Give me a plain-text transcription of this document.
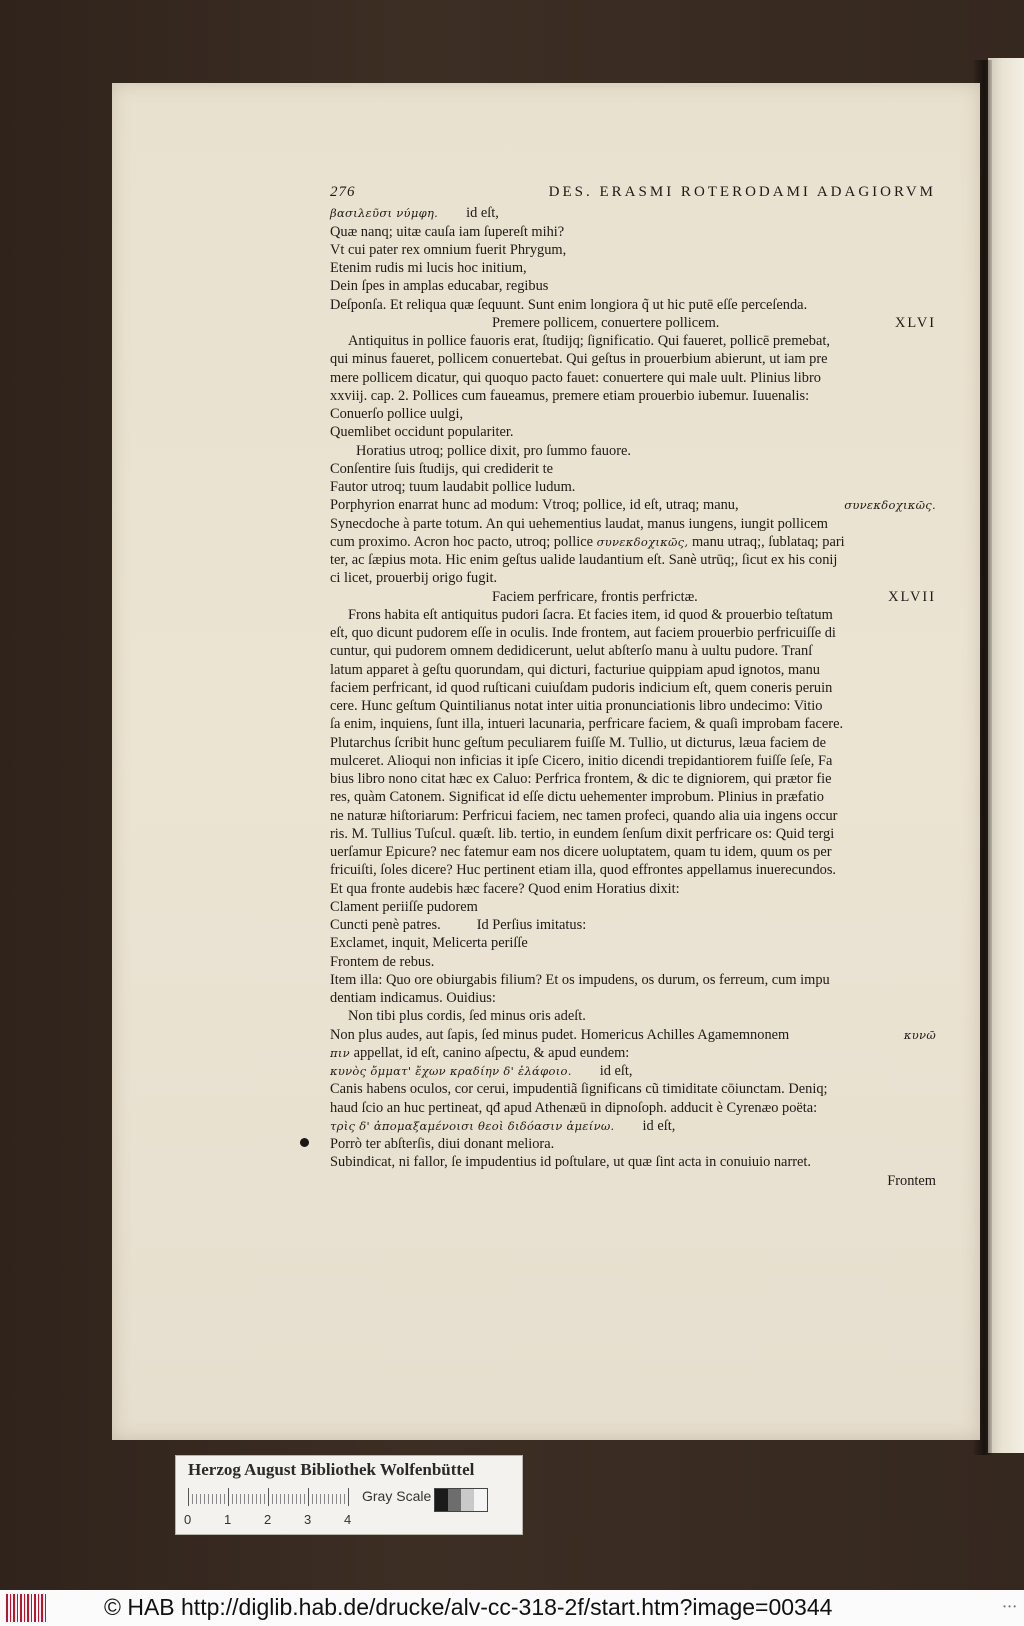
276	DES. ERASMI ROTERODAMI ADAGIORVM
βασιλεῦσι νύμφη. id eſt,
Quæ nanq; uitæ cauſa iam ſupereſt mihi?
Vt cui pater rex omnium fuerit Phrygum,
Etenim rudis mi lucis hoc initium,
Dein ſpes in amplas educabar, regibus
Deſponſa. Et reliqua quæ ſequunt. Sunt enim longiora q̃ ut hic putē eſſe perceſenda.
Premere pollicem, conuertere pollicem.	XLVI
Antiquitus in pollice fauoris erat, ſtudijq; ſignificatio. Qui faueret, pollicē premebat,
qui minus faueret, pollicem conuertebat. Qui geſtus in prouerbium abierunt, ut iam pre
mere pollicem dicatur, qui quoquo pacto fauet: conuertere qui male uult. Plinius libro
xxviij. cap. 2. Pollices cum faueamus, premere etiam prouerbio iubemur. Iuuenalis:
Conuerſo pollice uulgi,
Quemlibet occidunt populariter.
Horatius utroq; pollice dixit, pro ſummo fauore.
Conſentire ſuis ſtudijs, qui crediderit te
Fautor utroq; tuum laudabit pollice ludum.
Porphyrion enarrat hunc ad modum: Vtroq; pollice, id eſt, utraq; manu,	συνεκδοχικῶς.
Synecdoche à parte totum. An qui uehementius laudat, manus iungens, iungit pollicem
cum proximo. Acron hoc pacto, utroq; pollice συνεκδοχικῶς, manu utraq;, ſublataq; pari
ter, ac ſæpius mota. Hic enim geſtus ualide laudantium eſt. Sanè utrūq;, ſicut ex his conij
ci licet, prouerbij origo fugit.
Faciem perfricare, frontis perfrictæ.	XLVII
Frons habita eſt antiquitus pudori ſacra. Et facies item, id quod & prouerbio teſtatum
eſt, quo dicunt pudorem eſſe in oculis. Inde frontem, aut faciem prouerbio perfricuiſſe di
cuntur, qui pudorem omnem dedidicerunt, uelut abſterſo manu à uultu pudore. Tranſ
latum apparet à geſtu quorundam, qui dicturi, facturiue quippiam apud ignotos, manu
faciem perfricant, id quod ruſticani cuiuſdam pudoris indicium eſt, quem coneris peruin
cere. Hunc geſtum Quintilianus notat inter uitia pronunciationis libro undecimo: Vitio
ſa enim, inquiens, ſunt illa, intueri lacunaria, perfricare faciem, & quaſi improbam facere.
Plutarchus ſcribit hunc geſtum peculiarem fuiſſe M. Tullio, ut dicturus, læua faciem de
mulceret. Alioqui non inficias it ipſe Cicero, initio dicendi trepidantiorem fuiſſe ſeſe, Fa
bius libro nono citat hæc ex Caluo: Perfrica frontem, & dic te digniorem, qui prætor fie
res, quàm Catonem. Significat id eſſe dictu uehementer improbum. Plinius in præfatio
ne naturæ hiſtoriarum: Perfricui faciem, nec tamen profeci, quando alia uia ingens occur
ris. M. Tullius Tuſcul. quæſt. lib. tertio, in eundem ſenſum dixit perfricare os: Quid tergi
uerſamur Epicure? nec fatemur eam nos dicere uoluptatem, quam tu idem, quum os per
fricuiſti, ſoles dicere? Huc pertinent etiam illa, quod effrontes appellamus inuerecundos.
Et qua fronte audebis hæc facere? Quod enim Horatius dixit:
Clament periiſſe pudorem
Cuncti penè patres.	Id Perſius imitatus:
Exclamet, inquit, Melicerta periſſe
Frontem de rebus.
Item illa: Quo ore obiurgabis filium? Et os impudens, os durum, os ferreum, cum impu
dentiam indicamus. Ouidius:
Non tibi plus cordis, ſed minus oris adeſt.
Non plus audes, aut ſapis, ſed minus pudet. Homericus Achilles Agamemnonem	κυνῶ
πιν appellat, id eſt, canino aſpectu, & apud eundem:
κυνὸς ὄμματ' ἔχων κραδίην δ' ἐλάφοιο. id eſt,
Canis habens oculos, cor cerui, impudentiã ſignificans cũ timiditate cōiunctam. Deniq;
haud ſcio an huc pertineat, qđ apud Athenæū in dipnoſoph. adducit è Cyrenæo poëta:
τρὶς δ' ἀπομαξαμένοισι θεοὶ διδόασιν ἀμείνω. id eſt,
Porrò ter abſterſis, diui donant meliora.
Subindicat, ni fallor, ſe impudentius id poſtulare, ut quæ ſint acta in conuiuio narret.
Frontem
Herzog August Bibliothek Wolfenbüttel
0	1	2	3	4
Gray Scale
© HAB http://diglib.hab.de/drucke/alv-cc-318-2f/start.htm?image=00344	• • •
